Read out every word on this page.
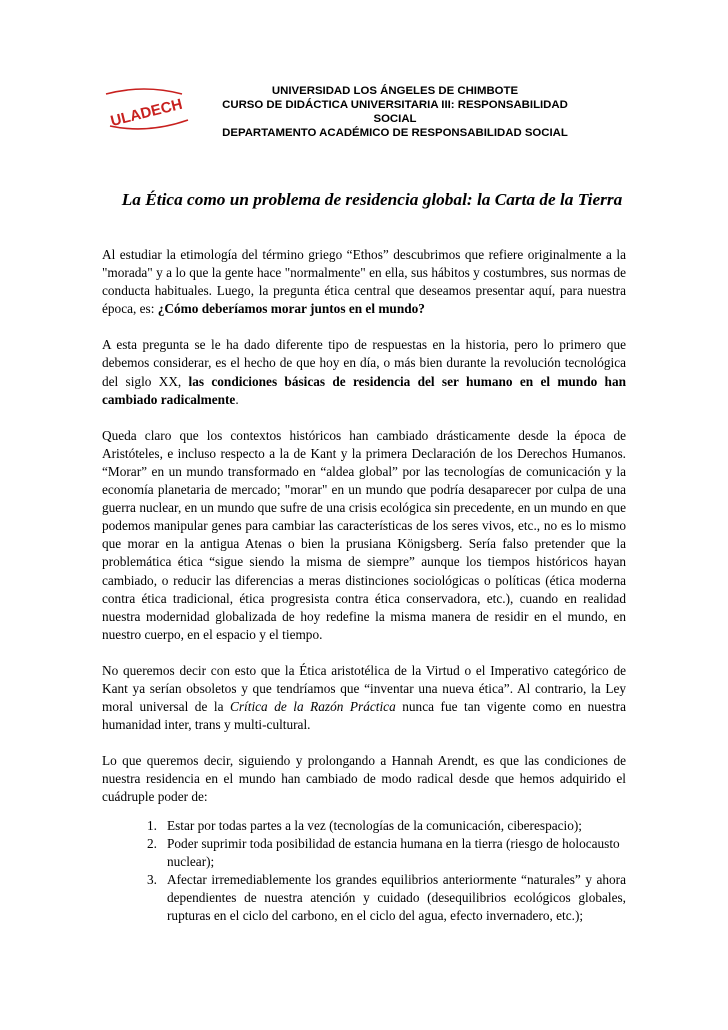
ULADECH
UNIVERSIDAD LOS ÁNGELES DE CHIMBOTE
CURSO DE DIDÁCTICA UNIVERSITARIA III: RESPONSABILIDAD SOCIAL
DEPARTAMENTO ACADÉMICO DE RESPONSABILIDAD SOCIAL
La Ética como un problema de residencia global: la Carta de la Tierra

Al estudiar la etimología del término griego “Ethos” descubrimos que refiere originalmente a la "morada" y a lo que la gente hace "normalmente" en ella, sus hábitos y costumbres, sus normas de conducta habituales. Luego, la pregunta ética central que deseamos presentar aquí, para nuestra época, es: ¿Cómo deberíamos morar juntos en el mundo?

A esta pregunta se le ha dado diferente tipo de respuestas en la historia, pero lo primero que debemos considerar, es el hecho de que hoy en día, o más bien durante la revolución tecnológica del siglo XX, las condiciones básicas de residencia del ser humano en el mundo han cambiado radicalmente.

Queda claro que los contextos históricos han cambiado drásticamente desde la época de Aristóteles, e incluso respecto a la de Kant y la primera Declaración de los Derechos Humanos. “Morar” en un mundo transformado en “aldea global” por las tecnologías de comunicación y la economía planetaria de mercado; "morar" en un mundo que podría desaparecer por culpa de una guerra nuclear, en un mundo que sufre de una crisis ecológica sin precedente, en un mundo en que podemos manipular genes para cambiar las características de los seres vivos, etc., no es lo mismo que morar en la antigua Atenas o bien la prusiana Königsberg. Sería falso pretender que la problemática ética “sigue siendo la misma de siempre” aunque los tiempos históricos hayan cambiado, o reducir las diferencias a meras distinciones sociológicas o políticas (ética moderna contra ética tradicional, ética progresista contra ética conservadora, etc.), cuando en realidad nuestra modernidad globalizada de hoy redefine la misma manera de residir en el mundo, en nuestro cuerpo, en el espacio y el tiempo.

No queremos decir con esto que la Ética aristotélica de la Virtud o el Imperativo categórico de Kant ya serían obsoletos y que tendríamos que “inventar una nueva ética”. Al contrario, la Ley moral universal de la Crítica de la Razón Práctica nunca fue tan vigente como en nuestra humanidad inter, trans y multi-cultural.

Lo que queremos decir, siguiendo y prolongando a Hannah Arendt, es que las condiciones de nuestra residencia en el mundo han cambiado de modo radical desde que hemos adquirido el cuádruple poder de:

1. Estar por todas partes a la vez (tecnologías de la comunicación, ciberespacio);
2. Poder suprimir toda posibilidad de estancia humana en la tierra (riesgo de holocausto nuclear);
3. Afectar irremediablemente los grandes equilibrios anteriormente “naturales” y ahora dependientes de nuestra atención y cuidado (desequilibrios ecológicos globales, rupturas en el ciclo del carbono, en el ciclo del agua, efecto invernadero, etc.);
